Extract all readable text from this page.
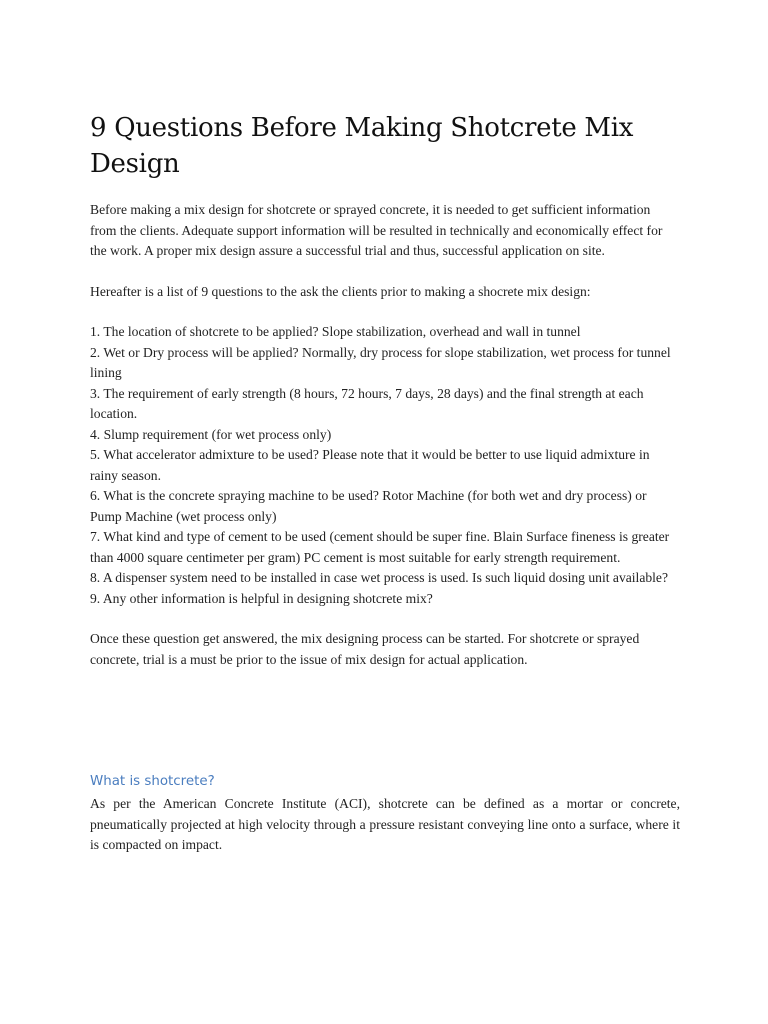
9 Questions Before Making Shotcrete Mix Design

Before making a mix design for shotcrete or sprayed concrete, it is needed to get sufficient information from the clients. Adequate support information will be resulted in technically and economically effect for the work. A proper mix design assure a successful trial and thus, successful application on site.

Hereafter is a list of 9 questions to the ask the clients prior to making a shocrete mix design:

1. The location of shotcrete to be applied? Slope stabilization, overhead and wall in tunnel
2. Wet or Dry process will be applied? Normally, dry process for slope stabilization, wet process for tunnel lining
3. The requirement of early strength (8 hours, 72 hours, 7 days, 28 days) and the final strength at each location.
4. Slump requirement (for wet process only)
5. What accelerator admixture to be used? Please note that it would be better to use liquid admixture in rainy season.
6. What is the concrete spraying machine to be used? Rotor Machine (for both wet and dry process) or Pump Machine (wet process only)
7. What kind and type of cement to be used (cement should be super fine. Blain Surface fineness is greater than 4000 square centimeter per gram) PC cement is most suitable for early strength requirement.
8. A dispenser system need to be installed in case wet process is used. Is such liquid dosing unit available?
9. Any other information is helpful in designing shotcrete mix?

Once these question get answered, the mix designing process can be started. For shotcrete or sprayed concrete, trial is a must be prior to the issue of mix design for actual application.

What is shotcrete?

As per the American Concrete Institute (ACI), shotcrete can be defined as a mortar or concrete, pneumatically projected at high velocity through a pressure resistant conveying line onto a surface, where it is compacted on impact.
